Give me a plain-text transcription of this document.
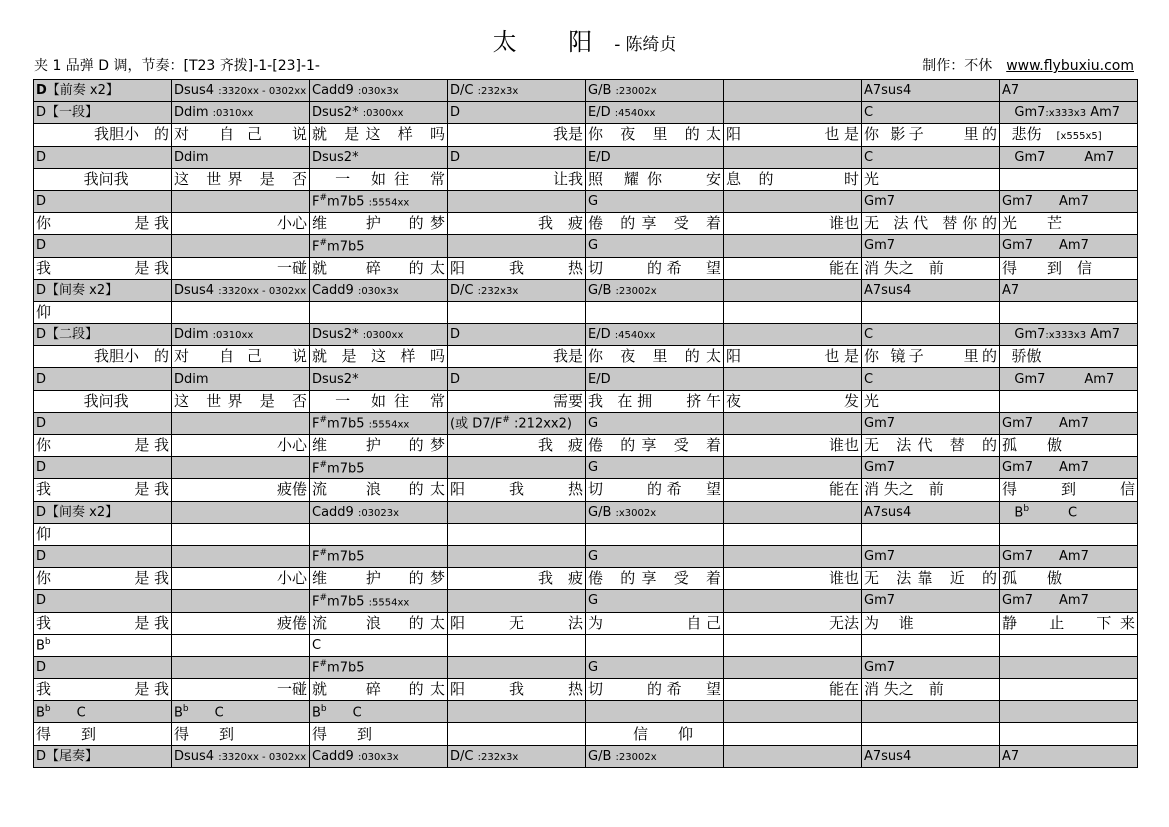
太 阳- 陈绮贞
夹 1 品弹 D 调，节奏：[T23 齐拨]-1-[23]-1-	制作：不休 www.flybuxiu.com
D【前奏 x2】	Dsus4 :3320xx - 0302xx	Cadd9 :030x3x	D/C :232x3x	G/B :23002x		A7sus4	A7
D【一段】	Ddim :0310xx	Dsus2* :0300xx	D	E/D :4540xx		C	Gm7:x333x3 Am7

我胆小　的	对 自己 说	就 是这 样 吗	我是	你 夜 里 的太	阳　　　　也是	你 影子　　里的	悲伤　[x555x5]

D	Ddim	Dsus2*	D	E/D		C	Gm7　　　Am7

我问我	这 世界 是 否	　一 如往 常	让我	照 耀你　 安	息 的　　　时	光	

D		F#m7b5 :5554xx		G		Gm7	Gm7　　Am7

你　　　　是我	小心	维　 护　的梦	我　疲	倦 的享 受 着	谁也	无 法代 替你的	光　　芒

D		F#m7b5		G		Gm7	Gm7　　Am7

我　　　　是我	一碰	就　 碎　的太	阳　我　热	切　　的希　望	能在	消 失之　前	得　　到　信

D【间奏 x2】	Dsus4 :3320xx - 0302xx	Cadd9 :030x3x	D/C :232x3x	G/B :23002x		A7sus4	A7

仰							

D【二段】	Ddim :0310xx	Dsus2* :0300xx	D	E/D :4540xx		C	Gm7:x333x3 Am7

我胆小　的	对 自己 说	就 是 这 样 吗	我是	你 夜 里 的太	阳　　　　也是	你 镜子　　里的	骄傲

D	Ddim	Dsus2*	D	E/D		C	Gm7　　　Am7

我问我	这 世界 是 否	　一 如往 常	需要	我 在拥　 挤午	夜　　　发	光	

D		F#m7b5 :5554xx	(或 D7/F# :212xx2)	G		Gm7	Gm7　　Am7

你　　　　是我	小心	维　 护　的梦	我　疲	倦 的享 受 着	谁也	无 法代 替 的	孤　　傲

D		F#m7b5		G		Gm7	Gm7　　Am7

我　　　　是我	疲倦	流　 浪　的太	阳　我　热	切　　的希　望	能在	消 失之　前	得　　到　　信

D【间奏 x2】		Cadd9 :03023x		G/B :x3002x		A7sus4	$B^b$　　　C

仰							

D		F#m7b5		G		Gm7	Gm7　　Am7

你　　　　是我	小心	维　 护　的梦	我　疲	倦 的享 受 着	谁也	无 法靠 近 的	孤　　傲

D		F#m7b5 :5554xx		G		Gm7	Gm7　　Am7

我　　　　是我	疲倦	流　 浪　的太	阳　无　法	为　　　　自己	无法	为　 谁	静　止　下来

$B^b$		C					
D		F#m7b5		G		Gm7	

我　　　　是我	一碰	就　 碎　的太	阳　我　热	切　　的希　望	能在	消 失之　前	

$B^b$　　C	$B^b$　　C	$B^b$　　C					

得　　到	得　　到	得　　到		　　　信　　仰			

D【尾奏】	Dsus4 :3320xx - 0302xx	Cadd9 :030x3x	D/C :232x3x	G/B :23002x		A7sus4	A7
